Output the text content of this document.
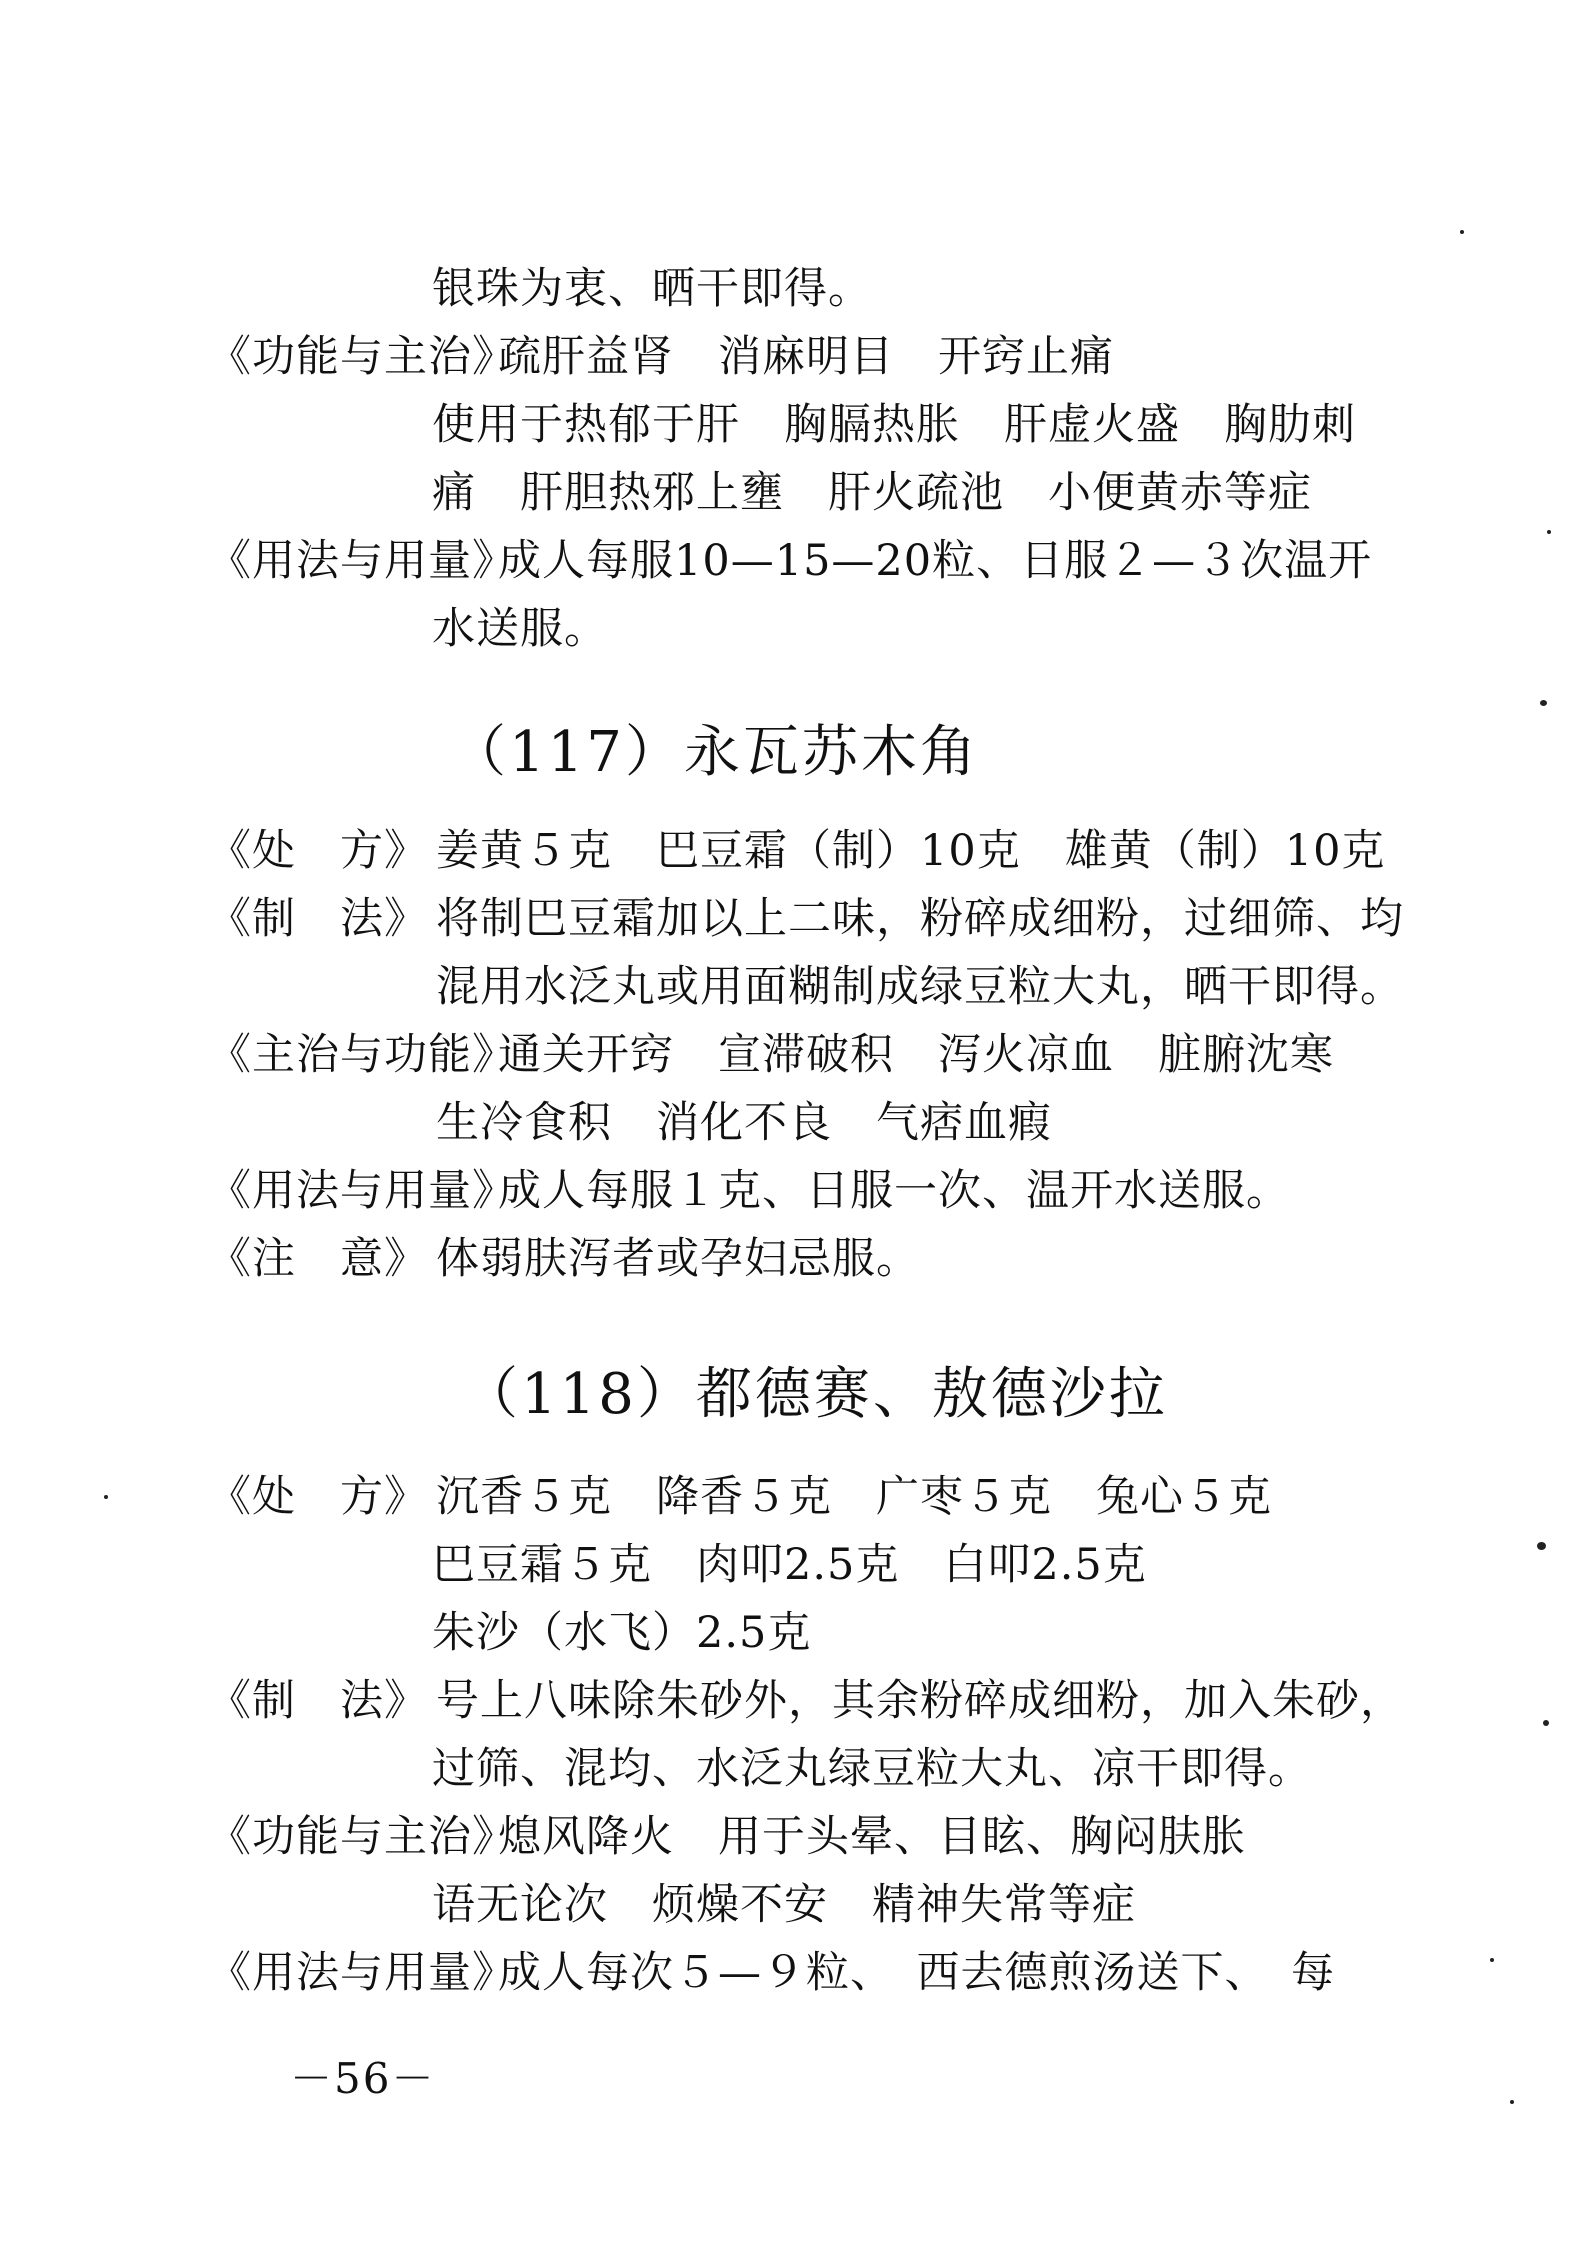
银珠为衷、晒干即得。
《功能与主治》疏肝益肾　消麻明目　开窍止痛
使用于热郁于肝　胸膈热胀　肝虚火盛　胸肋刺
痛　肝胆热邪上壅　肝火疏池　小便黄赤等症
《用法与用量》成人每服10—15—20粒、日服２—３次温开
水送服。
（117）永瓦苏木角
《处　方》 姜黄５克　巴豆霜（制）10克　雄黄（制）10克
《制　法》 将制巴豆霜加以上二味，粉碎成细粉，过细筛、均
混用水泛丸或用面糊制成绿豆粒大丸，晒干即得。
《主治与功能》通关开窍　宣滞破积　泻火凉血　脏腑沈寒
生冷食积　消化不良　气痞血瘕
《用法与用量》成人每服１克、日服一次、温开水送服。
《注　意》 体弱肤泻者或孕妇忌服。
（118）都德赛、敖德沙拉
《处　方》 沉香５克　降香５克　广枣５克　兔心５克
巴豆霜５克　肉叩2.5克　白叩2.5克
朱沙（水飞）2.5克
《制　法》 号上八味除朱砂外，其余粉碎成细粉，加入朱砂，
过筛、混均、水泛丸绿豆粒大丸、凉干即得。
《功能与主治》熄风降火　用于头晕、目眩、胸闷肤胀
语无论次　烦燥不安　精神失常等症
《用法与用量》成人每次５—９粒、　西去德煎汤送下、　每
－56－
